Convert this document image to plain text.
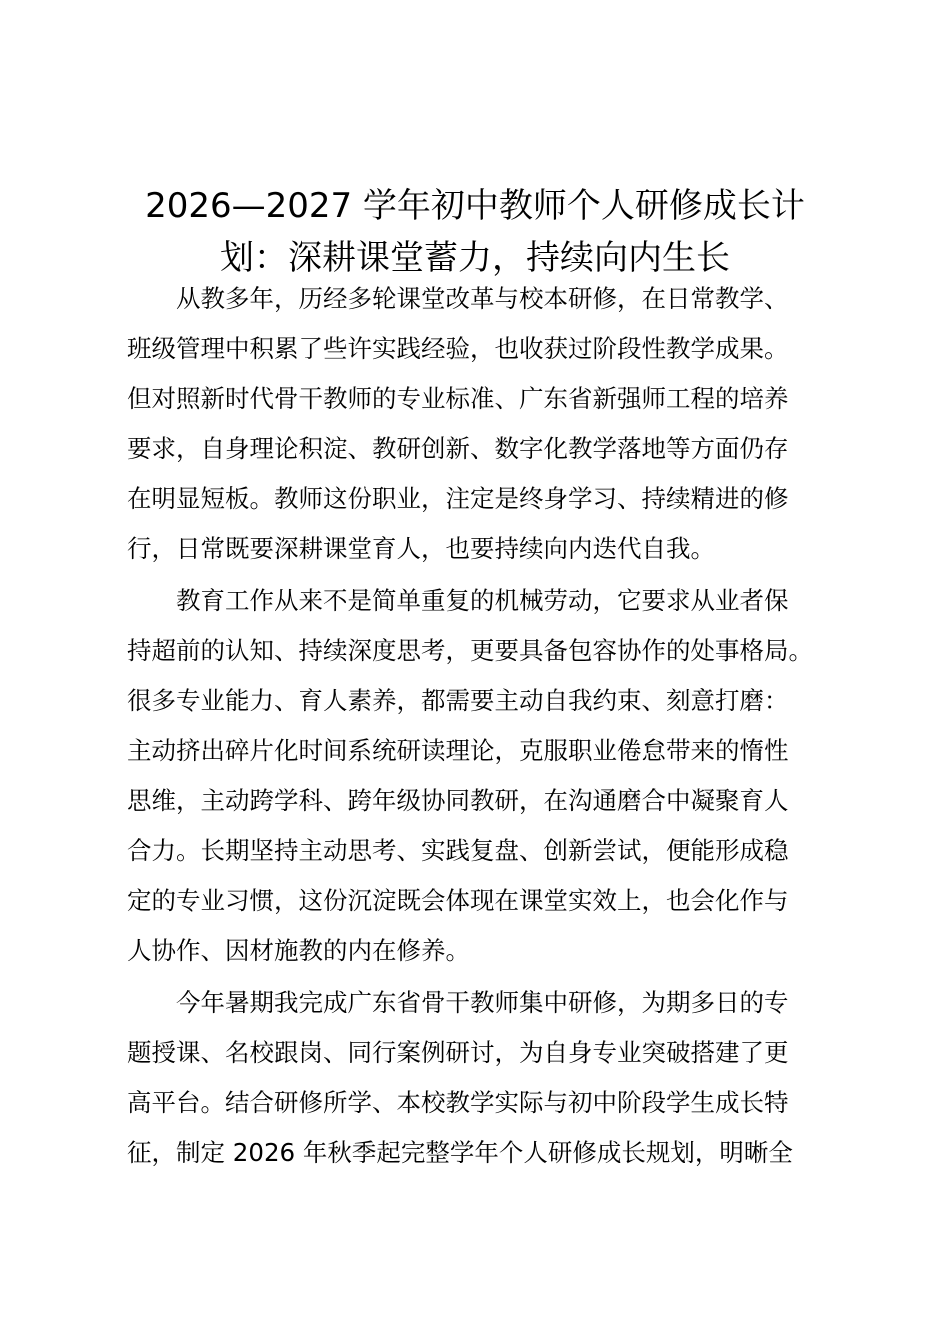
2026—2027 学年初中教师个人研修成长计
划：深耕课堂蓄力，持续向内生长
　　从教多年，历经多轮课堂改革与校本研修，在日常教学、
班级管理中积累了些许实践经验，也收获过阶段性教学成果。
但对照新时代骨干教师的专业标准、广东省新强师工程的培养
要求，自身理论积淀、教研创新、数字化教学落地等方面仍存
在明显短板。教师这份职业，注定是终身学习、持续精进的修
行，日常既要深耕课堂育人，也要持续向内迭代自我。
　　教育工作从来不是简单重复的机械劳动，它要求从业者保
持超前的认知、持续深度思考，更要具备包容协作的处事格局。
很多专业能力、育人素养，都需要主动自我约束、刻意打磨：
主动挤出碎片化时间系统研读理论，克服职业倦怠带来的惰性
思维，主动跨学科、跨年级协同教研，在沟通磨合中凝聚育人
合力。长期坚持主动思考、实践复盘、创新尝试，便能形成稳
定的专业习惯，这份沉淀既会体现在课堂实效上，也会化作与
人协作、因材施教的内在修养。
　　今年暑期我完成广东省骨干教师集中研修，为期多日的专
题授课、名校跟岗、同行案例研讨，为自身专业突破搭建了更
高平台。结合研修所学、本校教学实际与初中阶段学生成长特
征，制定 2026 年秋季起完整学年个人研修成长规划，明晰全
